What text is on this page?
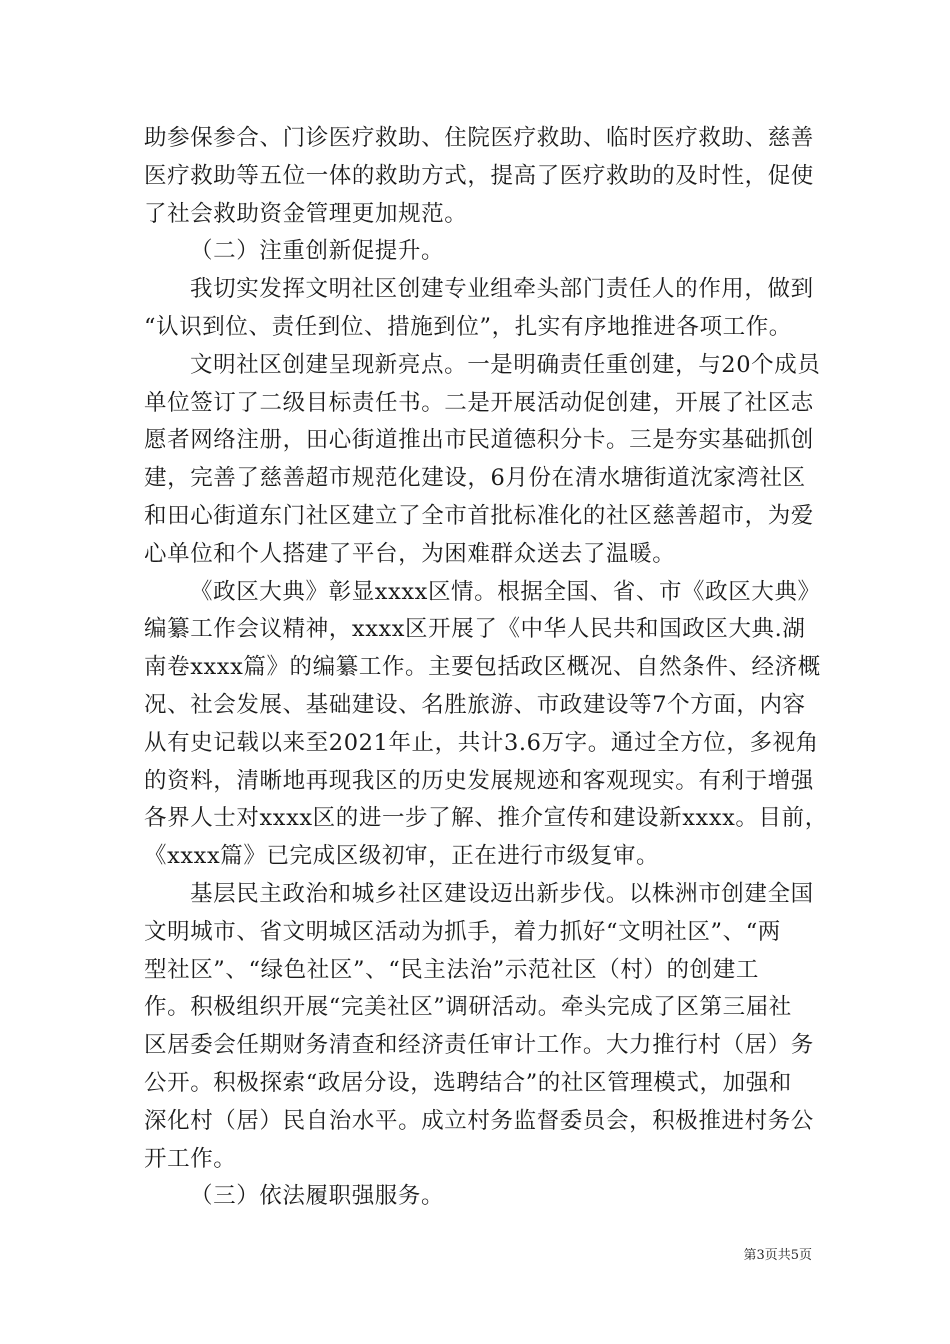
助参保参合、门诊医疗救助、住院医疗救助、临时医疗救助、慈善
医疗救助等五位一体的救助方式，提高了医疗救助的及时性，促使
了社会救助资金管理更加规范。
（二）注重创新促提升。
我切实发挥文明社区创建专业组牵头部门责任人的作用，做到
“认识到位、责任到位、措施到位”，扎实有序地推进各项工作。
文明社区创建呈现新亮点。一是明确责任重创建，与20个成员
单位签订了二级目标责任书。二是开展活动促创建，开展了社区志
愿者网络注册，田心街道推出市民道德积分卡。三是夯实基础抓创
建，完善了慈善超市规范化建设，6月份在清水塘街道沈家湾社区
和田心街道东门社区建立了全市首批标准化的社区慈善超市，为爱
心单位和个人搭建了平台，为困难群众送去了温暖。
《政区大典》彰显xxxx区情。根据全国、省、市《政区大典》
编纂工作会议精神，xxxx区开展了《中华人民共和国政区大典.湖
南卷xxxx篇》的编纂工作。主要包括政区概况、自然条件、经济概
况、社会发展、基础建设、名胜旅游、市政建设等7个方面，内容
从有史记载以来至2021年止，共计3.6万字。通过全方位，多视角
的资料，清晰地再现我区的历史发展规迹和客观现实。有利于增强
各界人士对xxxx区的进一步了解、推介宣传和建设新xxxx。目前，
《xxxx篇》已完成区级初审，正在进行市级复审。
基层民主政治和城乡社区建设迈出新步伐。以株洲市创建全国
文明城市、省文明城区活动为抓手，着力抓好“文明社区”、“两
型社区”、“绿色社区”、“民主法治”示范社区（村）的创建工
作。积极组织开展“完美社区”调研活动。牵头完成了区第三届社
区居委会任期财务清查和经济责任审计工作。大力推行村（居）务
公开。积极探索“政居分设，选聘结合”的社区管理模式，加强和
深化村（居）民自治水平。成立村务监督委员会，积极推进村务公
开工作。
（三）依法履职强服务。
第3页共5页
